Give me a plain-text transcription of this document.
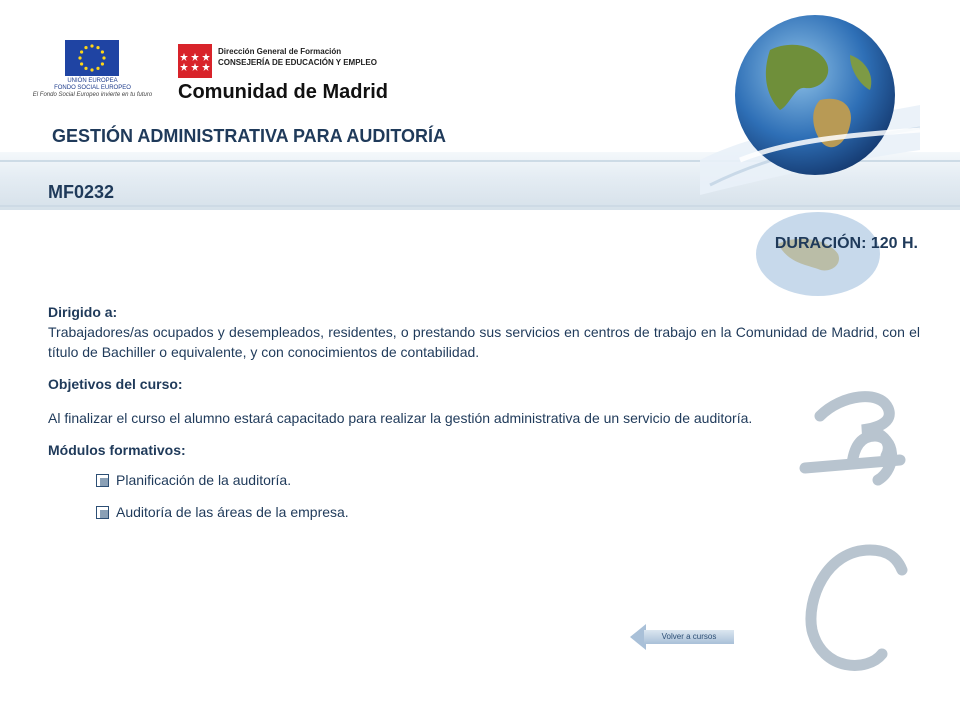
UNIÓN EUROPEA
FONDO SOCIAL EUROPEO
El Fondo Social Europeo invierte en tu futuro
Dirección General de Formación
CONSEJERÍA DE EDUCACIÓN Y EMPLEO
Comunidad de Madrid
GESTIÓN ADMINISTRATIVA PARA AUDITORÍA
MF0232
DURACIÓN: 120 H.
Dirigido a:
Trabajadores/as ocupados y desempleados, residentes, o prestando sus servicios en centros de trabajo en la Comunidad de Madrid, con el título de Bachiller o equivalente, y con conocimientos de contabilidad.
Objetivos del curso:
Al finalizar el curso el alumno estará capacitado para realizar la gestión administrativa de un servicio de auditoría.
Módulos formativos:
Planificación de la auditoría.
Auditoría de las áreas de la empresa.
Volver a cursos
